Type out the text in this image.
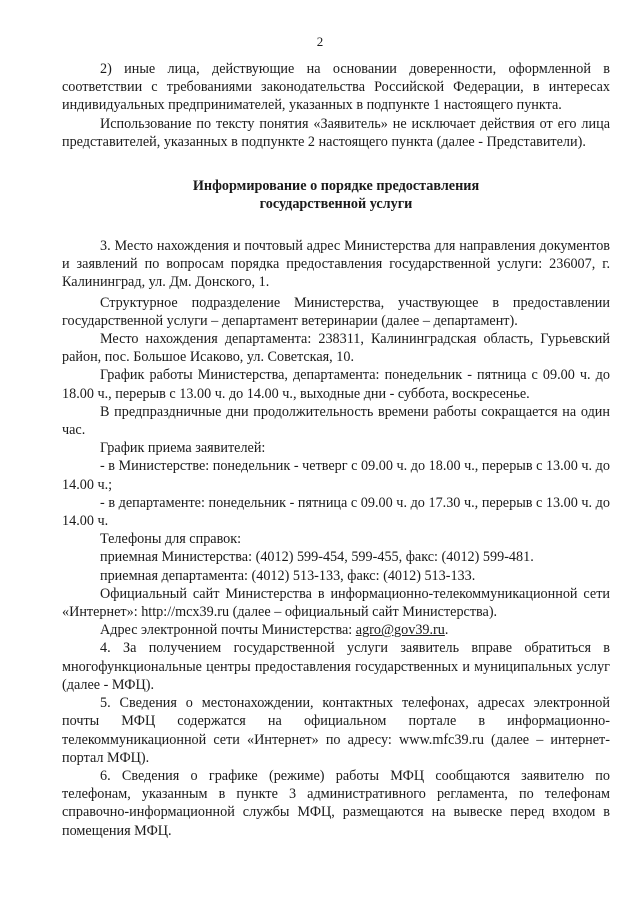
2

2) иные лица, действующие на основании доверенности, оформленной в соответствии с требованиями законодательства Российской Федерации, в интересах индивидуальных предпринимателей, указанных в подпункте 1 настоящего пункта.

Использование по тексту понятия «Заявитель» не исключает действия от его лица представителей, указанных в подпункте 2 настоящего пункта (далее - Представители).

Информирование о порядке предоставления
государственной услуги

3. Место нахождения и почтовый адрес Министерства для направления документов и заявлений по вопросам порядка предоставления государственной услуги: 236007, г. Калининград, ул. Дм. Донского, 1.

Структурное подразделение Министерства, участвующее в предоставлении государственной услуги – департамент ветеринарии (далее – департамент).

Место нахождения департамента: 238311, Калининградская область, Гурьевский район, пос. Большое Исаково, ул. Советская, 10.

График работы Министерства, департамента: понедельник - пятница с 09.00 ч. до 18.00 ч., перерыв с 13.00 ч. до 14.00 ч., выходные дни - суббота, воскресенье.

В предпраздничные дни продолжительность времени работы сокращается на один час.

График приема заявителей:

- в Министерстве: понедельник - четверг с 09.00 ч. до 18.00 ч., перерыв с 13.00 ч. до 14.00 ч.;

- в департаменте: понедельник - пятница с 09.00 ч. до 17.30 ч., перерыв с 13.00 ч. до 14.00 ч.

Телефоны для справок:

приемная Министерства: (4012) 599-454, 599-455, факс: (4012) 599-481.

приемная департамента: (4012) 513-133, факс: (4012) 513-133.

Официальный сайт Министерства в информационно-телекоммуникационной сети «Интернет»: http://mcx39.ru (далее – официальный сайт Министерства).

Адрес электронной почты Министерства: agro@gov39.ru.

4. За получением государственной услуги заявитель вправе обратиться в многофункциональные центры предоставления государственных и муниципальных услуг (далее - МФЦ).

5. Сведения о местонахождении, контактных телефонах, адресах электронной почты МФЦ содержатся на официальном портале в информационно-телекоммуникационной сети «Интернет» по адресу: www.mfc39.ru (далее – интернет-портал МФЦ).

6. Сведения о графике (режиме) работы МФЦ сообщаются заявителю по телефонам, указанным в пункте 3 административного регламента, по телефонам справочно-информационной службы МФЦ, размещаются на вывеске перед входом в помещения МФЦ.
